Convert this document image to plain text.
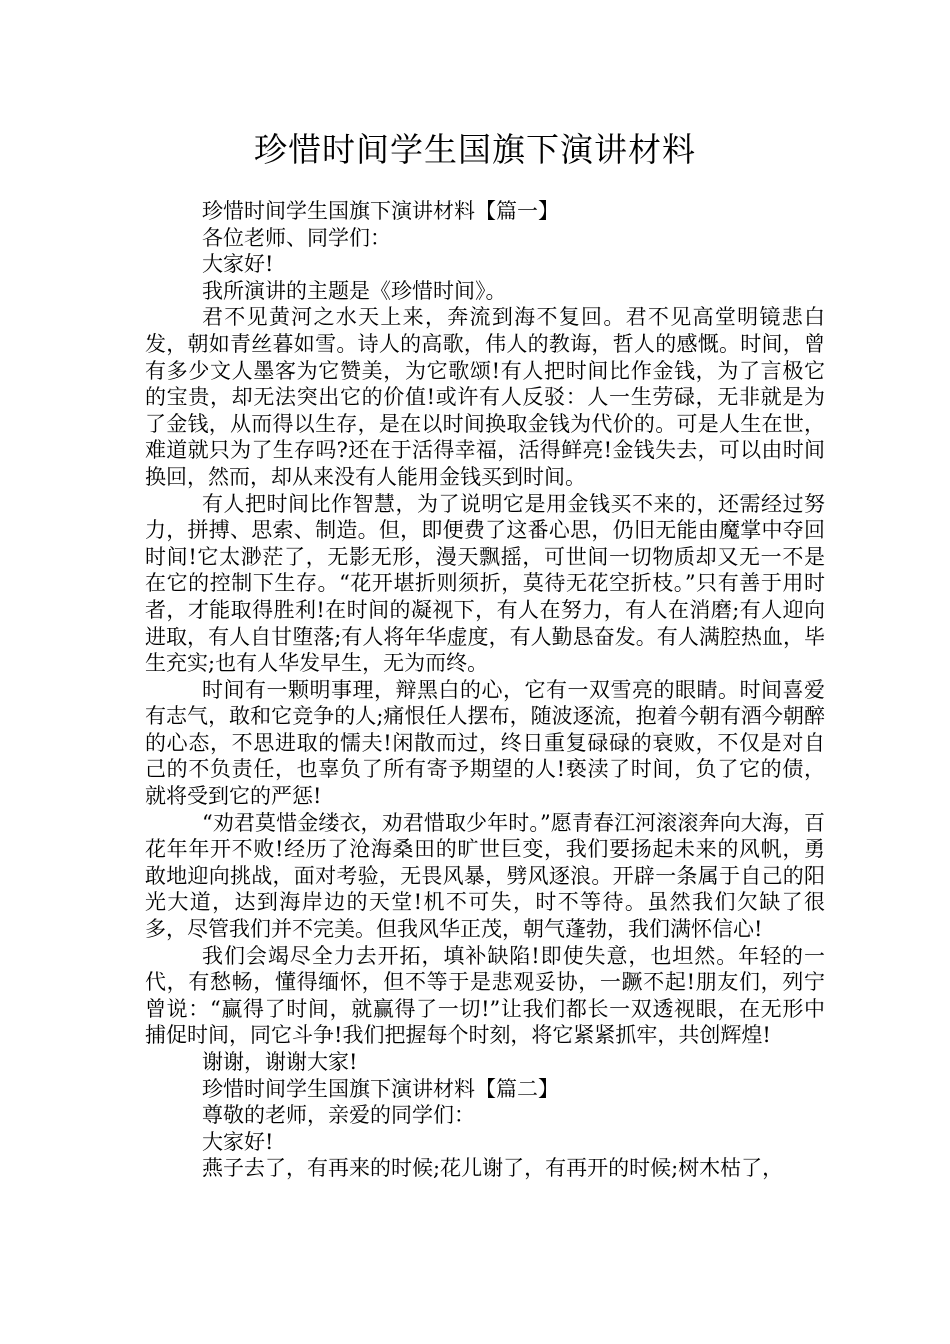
珍惜时间学生国旗下演讲材料

珍惜时间学生国旗下演讲材料【篇一】

各位老师、同学们：

大家好!

我所演讲的主题是《珍惜时间》。

君不见黄河之水天上来，奔流到海不复回。君不见高堂明镜悲白发，朝如青丝暮如雪。诗人的高歌，伟人的教诲，哲人的感慨。时间，曾有多少文人墨客为它赞美，为它歌颂!有人把时间比作金钱，为了言极它的宝贵，却无法突出它的价值!或许有人反驳：人一生劳碌，无非就是为了金钱，从而得以生存，是在以时间换取金钱为代价的。可是人生在世，难道就只为了生存吗?还在于活得幸福，活得鲜亮!金钱失去，可以由时间换回，然而，却从来没有人能用金钱买到时间。

有人把时间比作智慧，为了说明它是用金钱买不来的，还需经过努力，拼搏、思索、制造。但，即便费了这番心思，仍旧无能由魔掌中夺回时间!它太渺茫了，无影无形，漫天飘摇，可世间一切物质却又无一不是在它的控制下生存。“花开堪折则须折，莫待无花空折枝。”只有善于用时者，才能取得胜利!在时间的凝视下，有人在努力，有人在消磨;有人迎向进取，有人自甘堕落;有人将年华虚度，有人勤恳奋发。有人满腔热血，毕生充实;也有人华发早生，无为而终。

时间有一颗明事理，辩黑白的心，它有一双雪亮的眼睛。时间喜爱有志气，敢和它竞争的人;痛恨任人摆布，随波逐流，抱着今朝有酒今朝醉的心态，不思进取的懦夫!闲散而过，终日重复碌碌的衰败，不仅是对自己的不负责任，也辜负了所有寄予期望的人!亵渎了时间，负了它的债，就将受到它的严惩!

“劝君莫惜金缕衣，劝君惜取少年时。”愿青春江河滚滚奔向大海，百花年年开不败!经历了沧海桑田的旷世巨变，我们要扬起未来的风帆，勇敢地迎向挑战，面对考验，无畏风暴，劈风逐浪。开辟一条属于自己的阳光大道，达到海岸边的天堂!机不可失，时不等待。虽然我们欠缺了很多，尽管我们并不完美。但我风华正茂，朝气蓬勃，我们满怀信心!

我们会竭尽全力去开拓，填补缺陷!即使失意，也坦然。年轻的一代，有愁畅，懂得缅怀，但不等于是悲观妥协，一蹶不起!朋友们，列宁曾说：“赢得了时间，就赢得了一切!”让我们都长一双透视眼，在无形中捕促时间，同它斗争!我们把握每个时刻，将它紧紧抓牢，共创辉煌!

谢谢，谢谢大家!

珍惜时间学生国旗下演讲材料【篇二】

尊敬的老师，亲爱的同学们：

大家好!

燕子去了，有再来的时候;花儿谢了，有再开的时候;树木枯了，
